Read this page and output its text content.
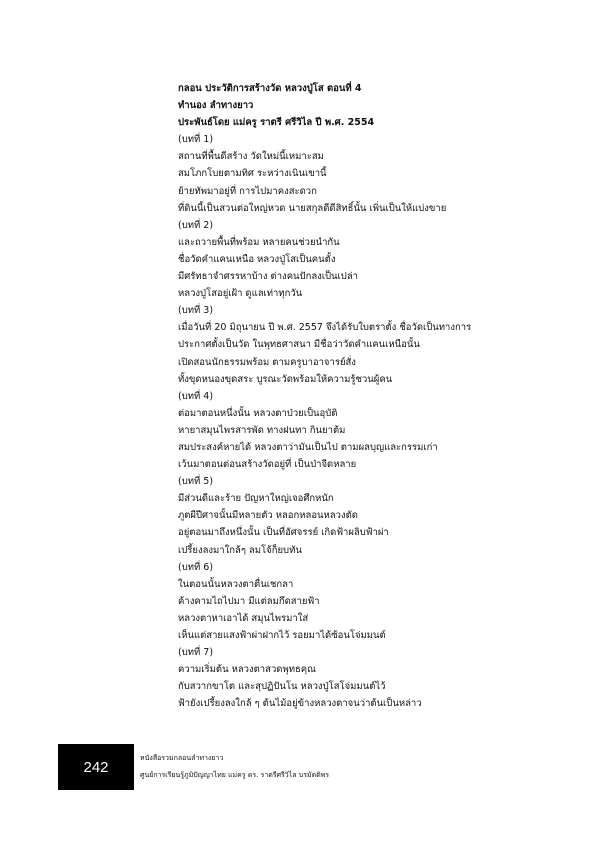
กลอน ประวัติการสร้างวัด หลวงปู่โส ตอนที่ 4
ทำนอง ลำทางยาว
ประพันธ์โดย แม่ครู ราตรี ศรีวิไล ปี พ.ศ. 2554
(บทที่ 1)
สถานที่พื้นดีสร้าง วัดใหม่นี้เหมาะสม
สมโภกโบยตามทิศ ระหว่างเนินเขานี้
ย้ายทัพมาอยู่ที่ การไปมาคงสะดวก
ที่ดินนี้เป็นสวนต่อใหญ่หวด นายสกุลดีดีสิทธิ์นั้น เพิ่นเป็นให้แบ่งขาย
(บทที่ 2)
และถวายพื้นที่พร้อม หลายคนช่วยนำกัน
ชื่อวัดคำแคนเหนือ หลวงปู่โสเป็นคนตั้ง
มีศรัทธาจำศรรหาบ้าง ต่างคนปักลงเป็นเปล่า
หลวงปู่โสอยู่เฝ้า ดูแลเท่าทุกวัน
(บทที่ 3)
เมื่อวันที่ 20 มิถุนายน ปี พ.ศ. 2557 จึงได้รับใบตราตั้ง ชื่อวัดเป็นทางการ
ประกาศตั้งเป็นวัด ในพุทธศาสนา มีชื่อว่าวัดคำแคนเหนือนั้น
เปิดสอนนักธรรมพร้อม ตามครูบาอาจารย์สั่ง
ทั้งขุดหนองขุดสระ บูรณะวัดพร้อมให้ความรู้ชวนผู้คน
(บทที่ 4)
ต่อมาตอนหนึ่งนั้น หลวงตาป่วยเป็นอุบัติ
หายาสมุนไพรสารพัด ทางฝนทา กินยาต้ม
สมประสงค์หายได้ หลวงตาว่ามันเป็นไป ตามผลบุญและกรรมเก่า
เว้นมาตอนต่อนสร้างวัดอยู่ที่ เป็นป่าจีดหลาย
(บทที่ 5)
มีส่วนดีและร้าย ปัญหาใหญ่เจอศึกหนัก
ภูตผีปีศาจนั้นมีหลายตัว หลอกหลอนหลวงตัด
อยู่ตอนมาถึงหนึ่งนั้น เป็นที่อัศจรรย์ เกิดฟ้าผลิบฟ้าผ่า
เปรี้ยงลงมาใกล้ๆ ลมโจ้ก็ยบทัน
(บทที่ 6)
ในตอนนั้นหลวงตาตื่นเชกลา
ค้างคามไถไปมา มีแต่ลมกึดสายฟ้า
หลวงตาหาเอาได้ สมุนไพรมาใส่
เห็นแต่สายแสงฟ้าผ่าฝากไว้ รอยมาได้ซ้อนโจ่มมนต์
(บทที่ 7)
ความเริ่มต้น หลวงตาสวดพุทธคุณ
กับสวากขาโต และสุปฏิปันโน หลวงปู่โสโจ่มมนต์ไว้
ฟ้ายังเปรี้ยงลงใกล้ ๆ ต้นไม้อยู่ข้างหลวงตาจนว่าต้นเป็นหล่าว
242
หนังสือรวมกลอนลำทางยาว
ศูนย์การเรียนรู้ภูมิปัญญาไทย แม่ครู ดร. ราตรีศรีวิไล บรมัตติพร
